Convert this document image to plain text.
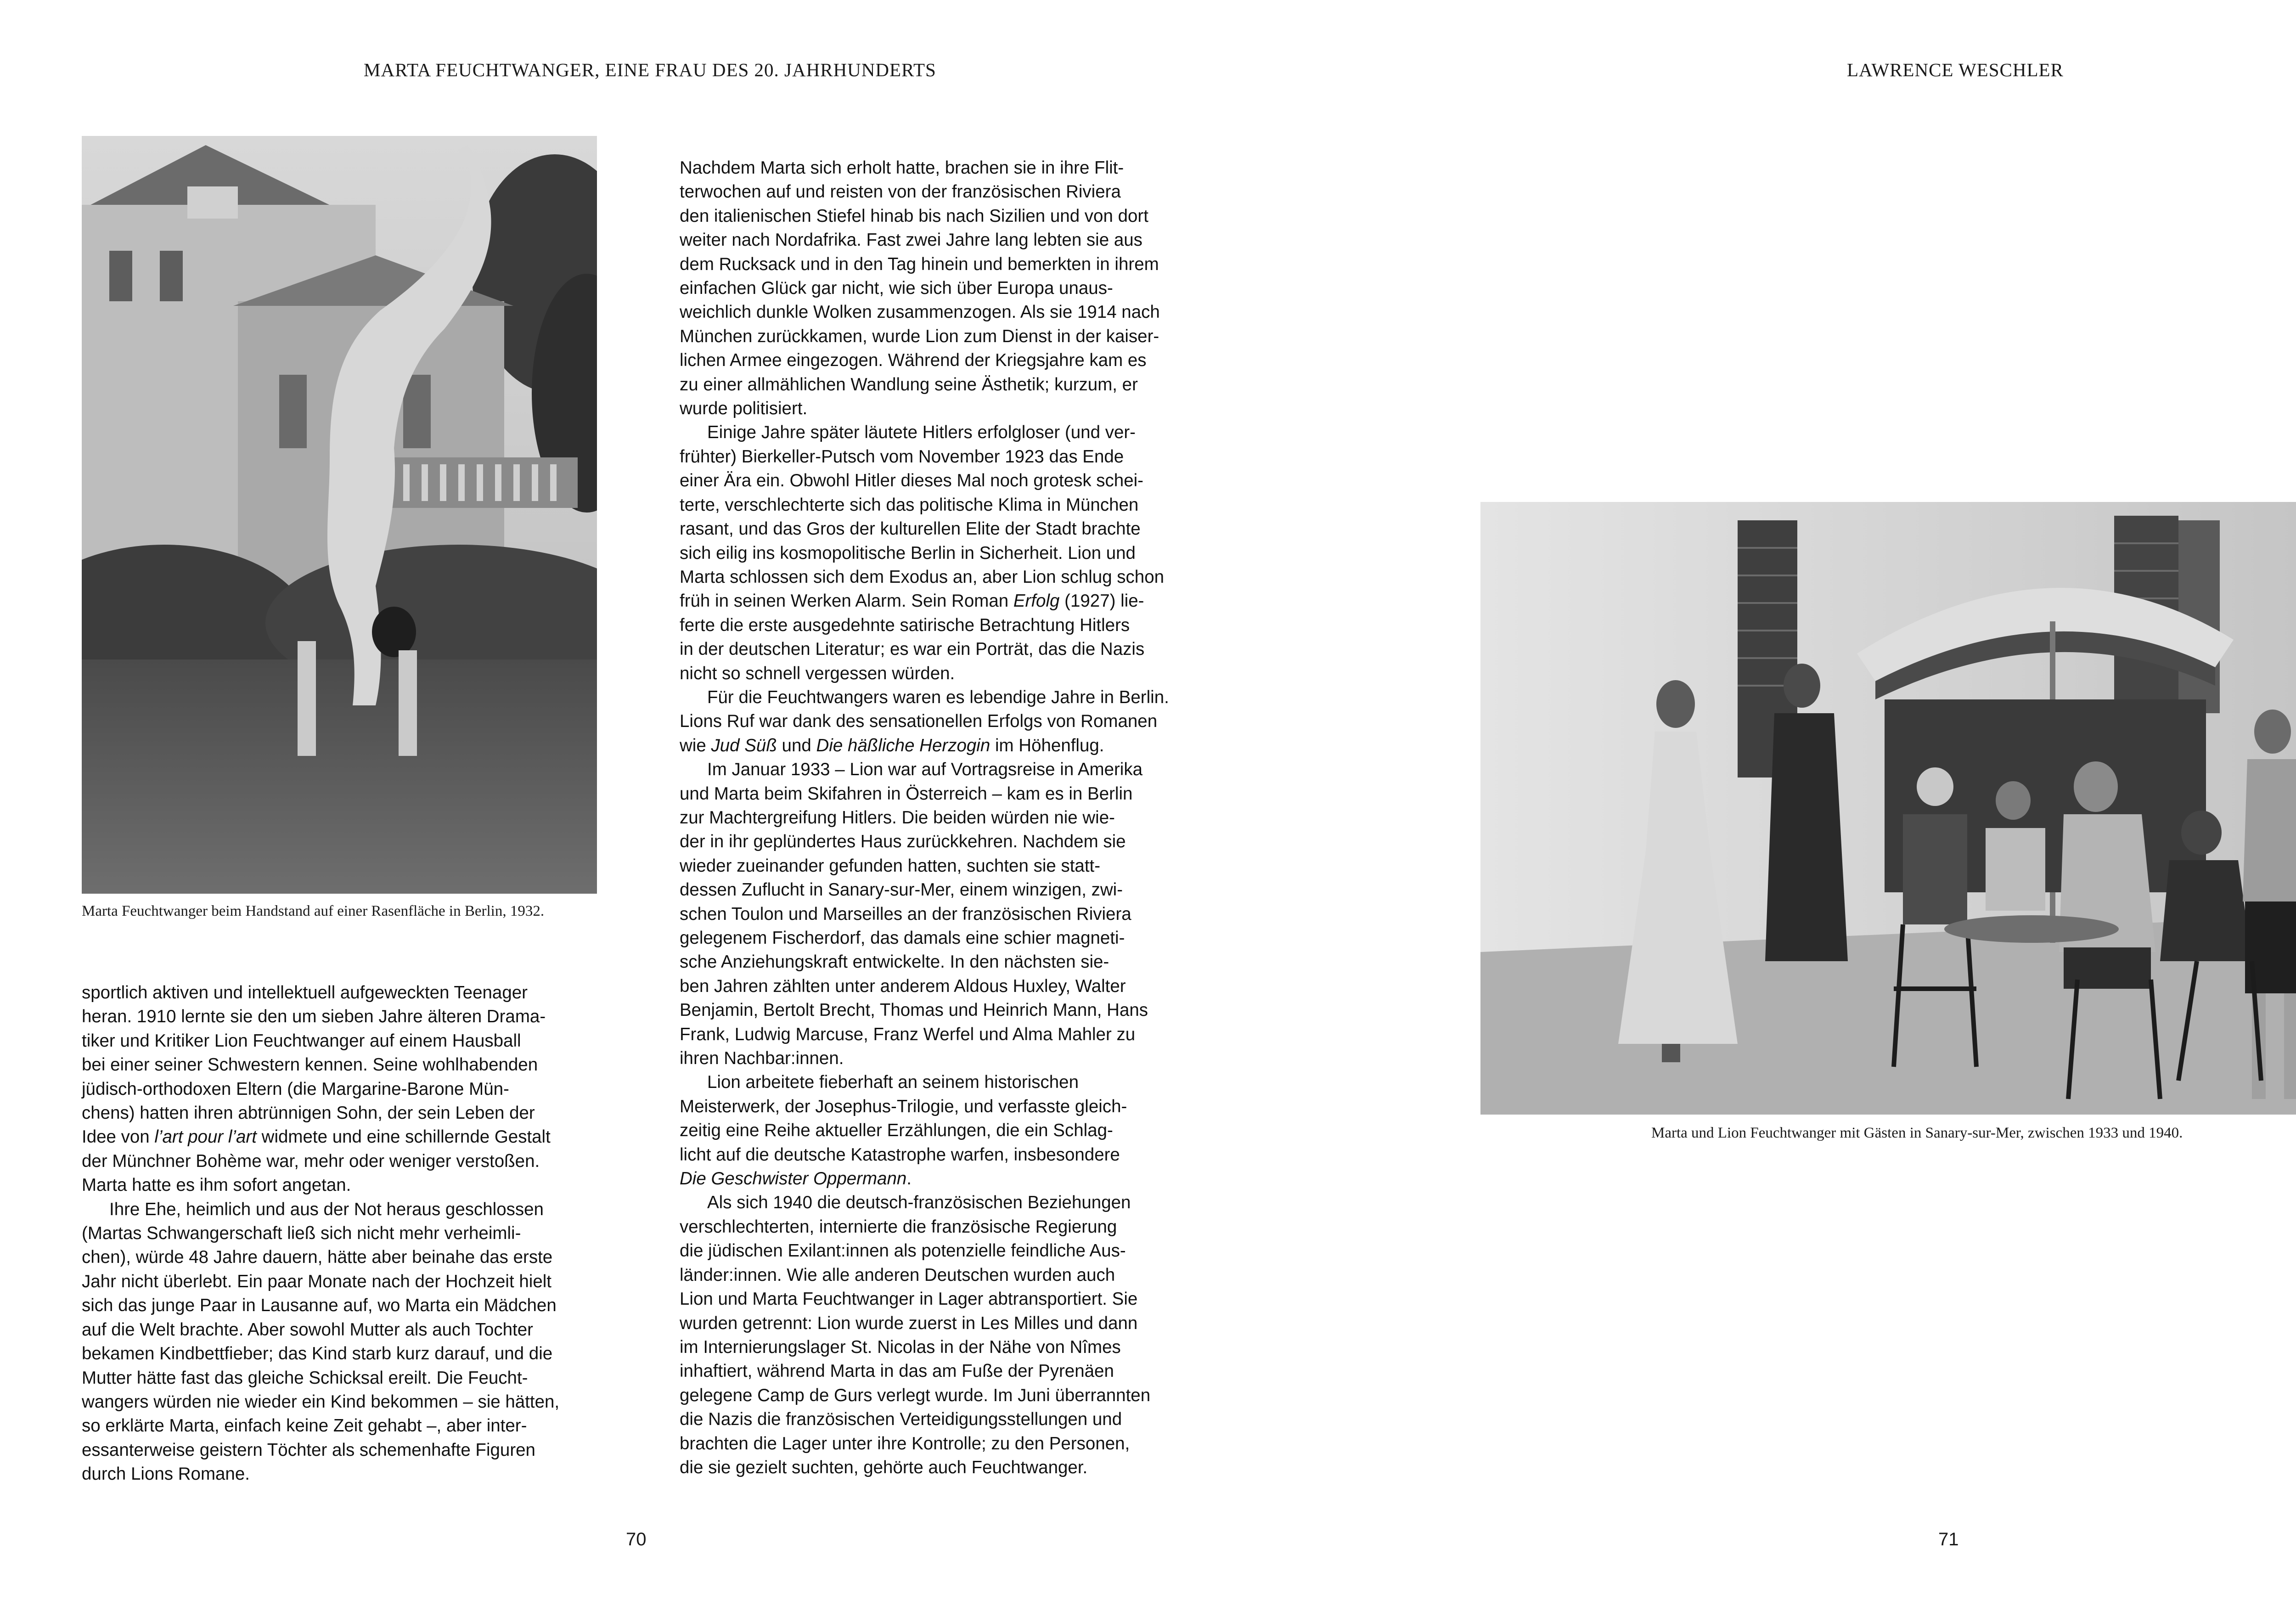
MARTA FEUCHTWANGER, EINE FRAU DES 20. JAHRHUNDERTS	LAWRENCE WESCHLER
Marta Feuchtwanger beim Handstand auf einer Rasenfläche in Berlin, 1932.
Marta und Lion Feuchtwanger mit Gästen in Sanary-sur-Mer, zwischen 1933 und 1940.
sportlich aktiven und intellektuell aufgeweckten Teenager
heran. 1910 lernte sie den um sieben Jahre älteren Drama-
tiker und Kritiker Lion Feuchtwanger auf einem Hausball
bei einer seiner Schwestern kennen. Seine wohlhabenden
jüdisch-orthodoxen Eltern (die Margarine-Barone Mün-
chens) hatten ihren abtrünnigen Sohn, der sein Leben der
Idee von l’art pour l’art widmete und eine schillernde Gestalt
der Münchner Bohème war, mehr oder weniger verstoßen.
Marta hatte es ihm sofort angetan.
Ihre Ehe, heimlich und aus der Not heraus geschlossen
(Martas Schwangerschaft ließ sich nicht mehr verheimli-
chen), würde 48 Jahre dauern, hätte aber beinahe das erste
Jahr nicht überlebt. Ein paar Monate nach der Hochzeit hielt
sich das junge Paar in Lausanne auf, wo Marta ein Mädchen
auf die Welt brachte. Aber sowohl Mutter als auch Tochter
bekamen Kindbettfieber; das Kind starb kurz darauf, und die
Mutter hätte fast das gleiche Schicksal ereilt. Die Feucht-
wangers würden nie wieder ein Kind bekommen – sie hätten,
so erklärte Marta, einfach keine Zeit gehabt –, aber inter-
essanterweise geistern Töchter als schemenhafte Figuren
durch Lions Romane.
Nachdem Marta sich erholt hatte, brachen sie in ihre Flit-
terwochen auf und reisten von der französischen Riviera
den italienischen Stiefel hinab bis nach Sizilien und von dort
weiter nach Nordafrika. Fast zwei Jahre lang lebten sie aus
dem Rucksack und in den Tag hinein und bemerkten in ihrem
einfachen Glück gar nicht, wie sich über Europa unaus-
weichlich dunkle Wolken zusammenzogen. Als sie 1914 nach
München zurückkamen, wurde Lion zum Dienst in der kaiser-
lichen Armee eingezogen. Während der Kriegsjahre kam es
zu einer allmählichen Wandlung seine Ästhetik; kurzum, er
wurde politisiert.
Einige Jahre später läutete Hitlers erfolgloser (und ver-
frühter) Bierkeller-Putsch vom November 1923 das Ende
einer Ära ein. Obwohl Hitler dieses Mal noch grotesk schei-
terte, verschlechterte sich das politische Klima in München
rasant, und das Gros der kulturellen Elite der Stadt brachte
sich eilig ins kosmopolitische Berlin in Sicherheit. Lion und
Marta schlossen sich dem Exodus an, aber Lion schlug schon
früh in seinen Werken Alarm. Sein Roman Erfolg (1927) lie-
ferte die erste ausgedehnte satirische Betrachtung Hitlers
in der deutschen Literatur; es war ein Porträt, das die Nazis
nicht so schnell vergessen würden.
Für die Feuchtwangers waren es lebendige Jahre in Berlin.
Lions Ruf war dank des sensationellen Erfolgs von Romanen
wie Jud Süß und Die häßliche Herzogin im Höhenflug.
Im Januar 1933 – Lion war auf Vortragsreise in Amerika
und Marta beim Skifahren in Österreich – kam es in Berlin
zur Machtergreifung Hitlers. Die beiden würden nie wie-
der in ihr geplündertes Haus zurückkehren. Nachdem sie
wieder zueinander gefunden hatten, suchten sie statt-
dessen Zuflucht in Sanary-sur-Mer, einem winzigen, zwi-
schen Toulon und Marseilles an der französischen Riviera
gelegenem Fischerdorf, das damals eine schier magneti-
sche Anziehungskraft entwickelte. In den nächsten sie-
ben Jahren zählten unter anderem Aldous Huxley, Walter
Benjamin, Bertolt Brecht, Thomas und Heinrich Mann, Hans
Frank, Ludwig Marcuse, Franz Werfel und Alma Mahler zu
ihren Nachbar:innen.
Lion arbeitete fieberhaft an seinem historischen
Meisterwerk, der Josephus-Trilogie, und verfasste gleich-
zeitig eine Reihe aktueller Erzählungen, die ein Schlag-
licht auf die deutsche Katastrophe warfen, insbesondere
Die Geschwister Oppermann.
Als sich 1940 die deutsch-französischen Beziehungen
verschlechterten, internierte die französische Regierung
die jüdischen Exilant:innen als potenzielle feindliche Aus-
länder:innen. Wie alle anderen Deutschen wurden auch
Lion und Marta Feuchtwanger in Lager abtransportiert. Sie
wurden getrennt: Lion wurde zuerst in Les Milles und dann
im Internierungslager St. Nicolas in der Nähe von Nîmes
inhaftiert, während Marta in das am Fuße der Pyrenäen
gelegene Camp de Gurs verlegt wurde. Im Juni überrannten
die Nazis die französischen Verteidigungsstellungen und
brachten die Lager unter ihre Kontrolle; zu den Personen,
die sie gezielt suchten, gehörte auch Feuchtwanger.
70	71
